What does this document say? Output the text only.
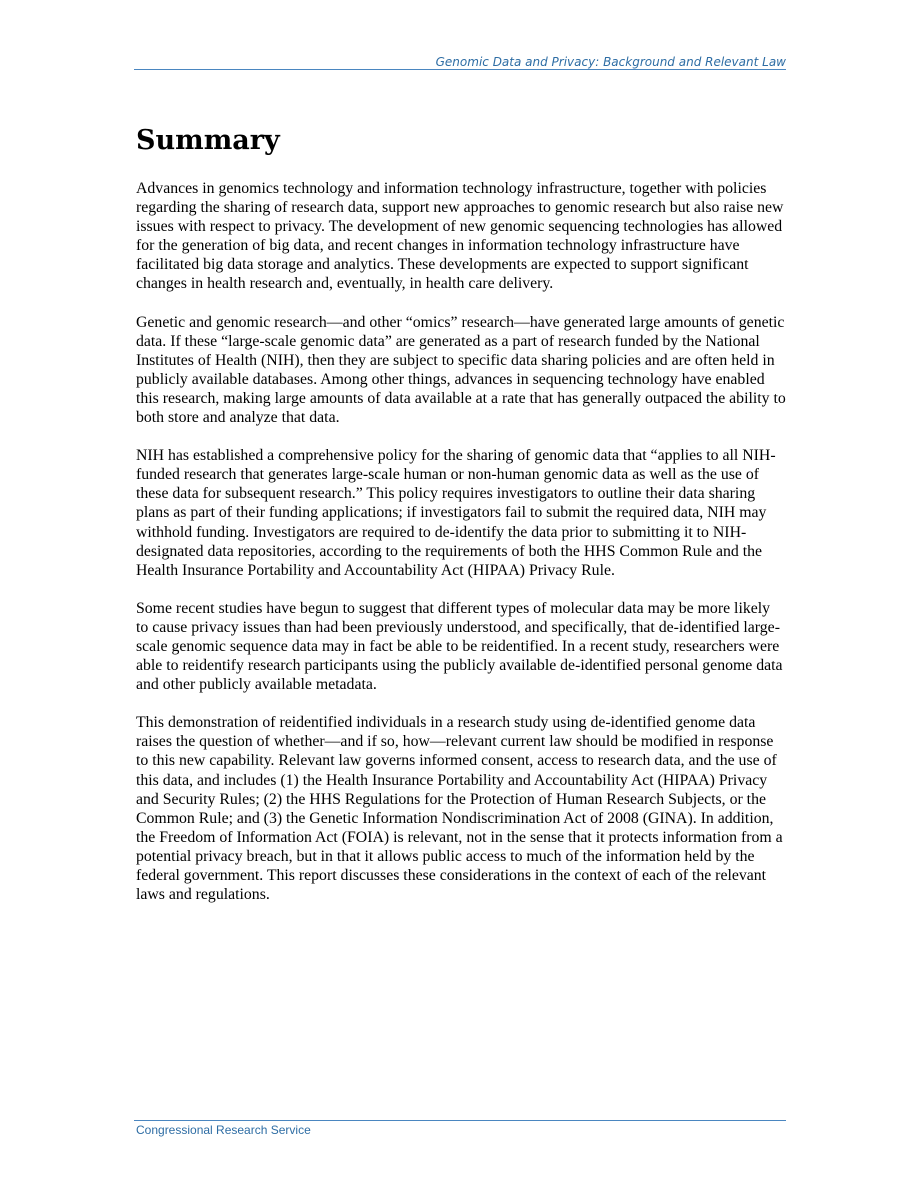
Genomic Data and Privacy: Background and Relevant Law
Summary

Advances in genomics technology and information technology infrastructure, together with policies regarding the sharing of research data, support new approaches to genomic research but also raise new issues with respect to privacy. The development of new genomic sequencing technologies has allowed for the generation of big data, and recent changes in information technology infrastructure have facilitated big data storage and analytics. These developments are expected to support significant changes in health research and, eventually, in health care delivery.

Genetic and genomic research—and other “omics” research—have generated large amounts of genetic data. If these “large-scale genomic data” are generated as a part of research funded by the National Institutes of Health (NIH), then they are subject to specific data sharing policies and are often held in publicly available databases. Among other things, advances in sequencing technology have enabled this research, making large amounts of data available at a rate that has generally outpaced the ability to both store and analyze that data.

NIH has established a comprehensive policy for the sharing of genomic data that “applies to all NIH-funded research that generates large-scale human or non-human genomic data as well as the use of these data for subsequent research.” This policy requires investigators to outline their data sharing plans as part of their funding applications; if investigators fail to submit the required data, NIH may withhold funding. Investigators are required to de-identify the data prior to submitting it to NIH-designated data repositories, according to the requirements of both the HHS Common Rule and the Health Insurance Portability and Accountability Act (HIPAA) Privacy Rule.

Some recent studies have begun to suggest that different types of molecular data may be more likely to cause privacy issues than had been previously understood, and specifically, that de-identified large-scale genomic sequence data may in fact be able to be reidentified. In a recent study, researchers were able to reidentify research participants using the publicly available de-identified personal genome data and other publicly available metadata.

This demonstration of reidentified individuals in a research study using de-identified genome data raises the question of whether—and if so, how—relevant current law should be modified in response to this new capability. Relevant law governs informed consent, access to research data, and the use of this data, and includes (1) the Health Insurance Portability and Accountability Act (HIPAA) Privacy and Security Rules; (2) the HHS Regulations for the Protection of Human Research Subjects, or the Common Rule; and (3) the Genetic Information Nondiscrimination Act of 2008 (GINA). In addition, the Freedom of Information Act (FOIA) is relevant, not in the sense that it protects information from a potential privacy breach, but in that it allows public access to much of the information held by the federal government. This report discusses these considerations in the context of each of the relevant laws and regulations.

Congressional Research Service
